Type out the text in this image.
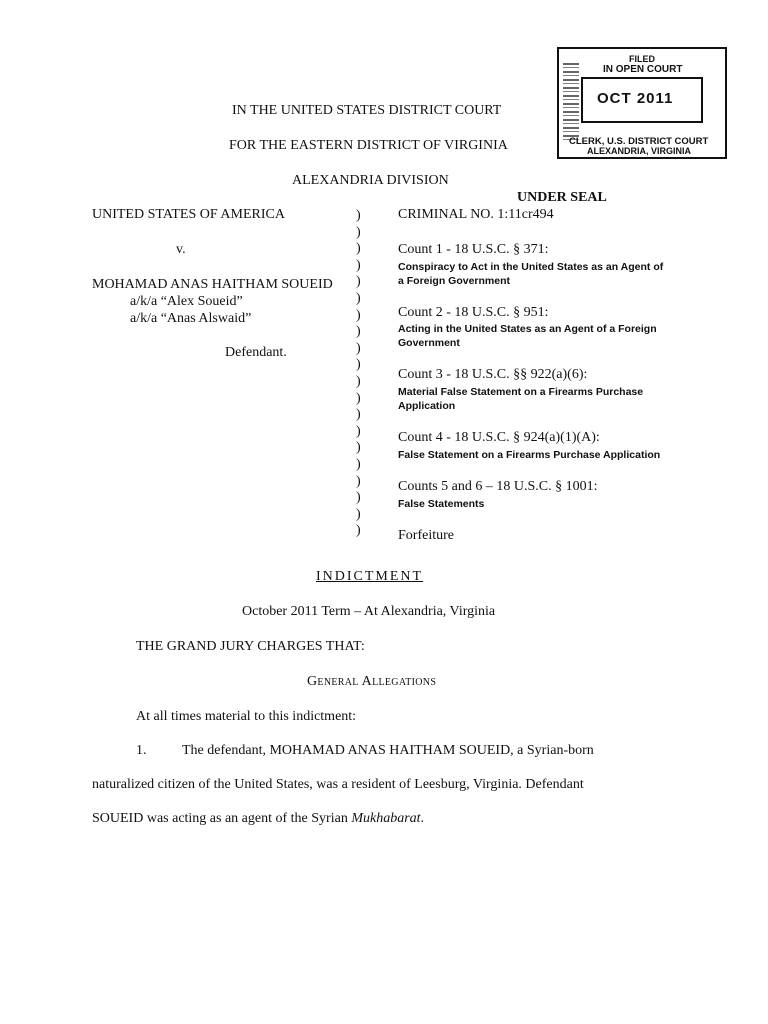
FILED
IN OPEN COURT
OCT 2011
CLERK, U.S. DISTRICT COURT
ALEXANDRIA, VIRGINIA
IN THE UNITED STATES DISTRICT COURT
FOR THE EASTERN DISTRICT OF VIRGINIA
ALEXANDRIA DIVISION
UNDER SEAL
UNITED STATES OF AMERICA
v.
MOHAMAD ANAS HAITHAM SOUEID
a/k/a “Alex Soueid”
a/k/a “Anas Alswaid”
Defendant.
)
)
)
)
)
)
)
)
)
)
)
)
)
)
)
)
)
)
)
)
CRIMINAL NO. 1:11cr494
Count 1 - 18 U.S.C. § 371:
Conspiracy to Act in the United States as an Agent of a Foreign Government
Count 2 - 18 U.S.C. § 951:
Acting in the United States as an Agent of a Foreign Government
Count 3 - 18 U.S.C. §§ 922(a)(6):
Material False Statement on a Firearms Purchase Application
Count 4 - 18 U.S.C. § 924(a)(1)(A):
False Statement on a Firearms Purchase Application
Counts 5 and 6 – 18 U.S.C. § 1001:
False Statements
Forfeiture
INDICTMENT
October 2011 Term – At Alexandria, Virginia
THE GRAND JURY CHARGES THAT:
General Allegations
At all times material to this indictment:
1.	The defendant, MOHAMAD ANAS HAITHAM SOUEID, a Syrian-born
naturalized citizen of the United States, was a resident of Leesburg, Virginia. Defendant
SOUEID was acting as an agent of the Syrian Mukhabarat.
